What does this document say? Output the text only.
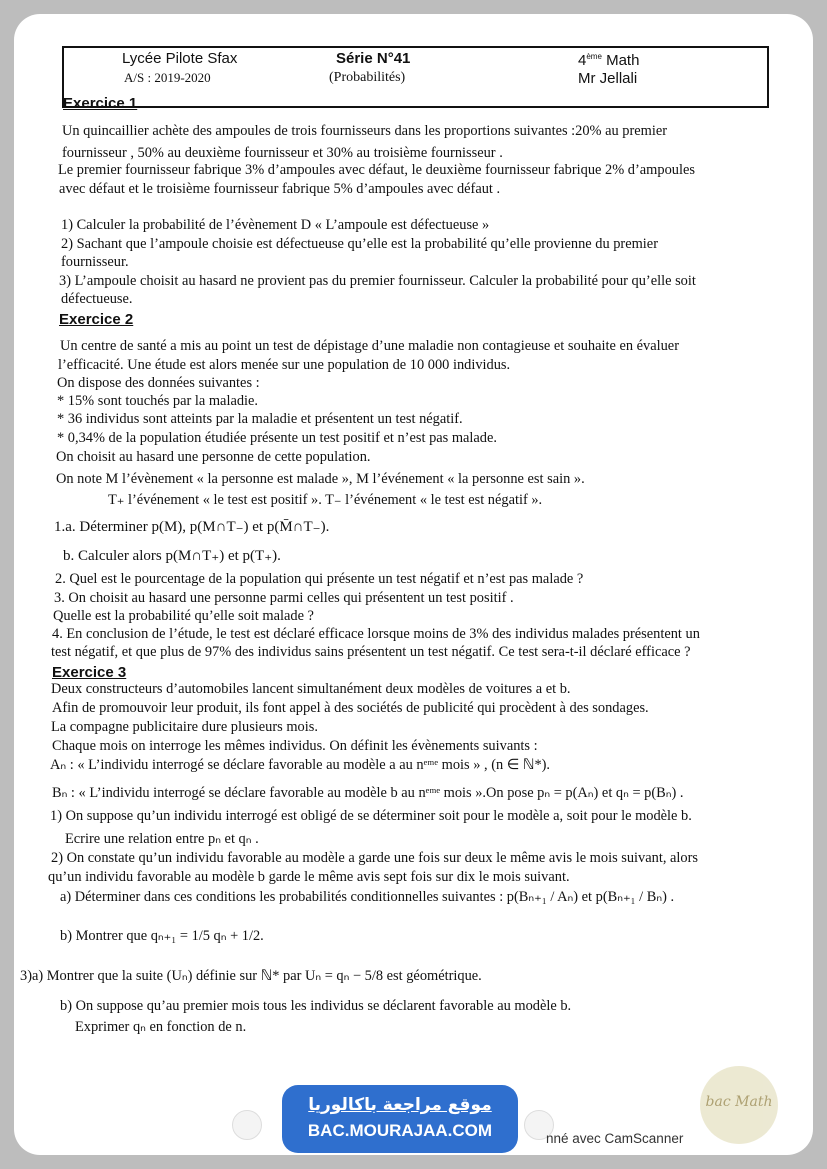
Lycée Pilote Sfax
A/S : 2019-2020
Série N°41
(Probabilités)
4ème Math
Mr Jellali
Exercice 1
Un quincaillier achète des ampoules de trois fournisseurs dans les proportions suivantes :20% au premier
fournisseur , 50% au deuxième fournisseur et 30% au troisième fournisseur .
Le premier fournisseur fabrique 3% d’ampoules avec défaut, le deuxième fournisseur fabrique 2% d’ampoules
avec défaut et le troisième fournisseur fabrique 5% d’ampoules avec défaut .
1) Calculer la probabilité de l’évènement D « L’ampoule est défectueuse »
2) Sachant que l’ampoule choisie est défectueuse qu’elle est la probabilité qu’elle provienne du premier
fournisseur.
3) L’ampoule choisit au hasard ne provient pas du premier fournisseur. Calculer la probabilité pour qu’elle soit
défectueuse.
Exercice 2
Un centre de santé a mis au point un test de dépistage d’une maladie non contagieuse et souhaite en évaluer
l’efficacité. Une étude est alors menée sur une population de 10 000 individus.
On dispose des données suivantes :
* 15% sont touchés par la maladie.
* 36 individus sont atteints par la maladie et présentent un test négatif.
* 0,34% de la population étudiée présente un test positif et n’est pas malade.
On choisit au hasard une personne de cette population.
On note M l’évènement « la personne est malade », M l’événement « la personne est sain ».
T₊ l’événement « le test est positif ». T₋ l’événement « le test est négatif ».
1.a. Déterminer p(M), p(M∩T₋) et p(M̄∩T₋).
b. Calculer alors p(M∩T₊) et p(T₊).
2. Quel est le pourcentage de la population qui présente un test négatif et n’est pas malade ?
3. On choisit au hasard une personne parmi celles qui présentent un test positif .
Quelle est la probabilité qu’elle soit malade ?
4. En conclusion de l’étude, le test est déclaré efficace lorsque moins de 3% des individus malades présentent un
test négatif, et que plus de 97% des individus sains présentent un test négatif. Ce test sera-t-il déclaré efficace ?
Exercice 3
Deux constructeurs d’automobiles lancent simultanément deux modèles de voitures a et b.
Afin de promouvoir leur produit, ils font appel à des sociétés de publicité qui procèdent à des sondages.
La compagne publicitaire dure plusieurs mois.
Chaque mois on interroge les mêmes individus. On définit les évènements suivants :
Aₙ : « L’individu interrogé se déclare favorable au modèle a au nᵉᵐᵉ mois » , (n ∈ ℕ*).
Bₙ : « L’individu interrogé se déclare favorable au modèle b au nᵉᵐᵉ mois ».On pose pₙ = p(Aₙ) et qₙ = p(Bₙ) .
1) On suppose qu’un individu interrogé est obligé de se déterminer soit pour le modèle a, soit pour le modèle b.
Ecrire une relation entre pₙ et qₙ .
2) On constate qu’un individu favorable au modèle a garde une fois sur deux le même avis le mois suivant, alors
qu’un individu favorable au modèle b garde le même avis sept fois sur dix le mois suivant.
a) Déterminer dans ces conditions les probabilités conditionnelles suivantes : p(Bₙ₊₁ / Aₙ) et p(Bₙ₊₁ / Bₙ) .
b) Montrer que qₙ₊₁ = 1/5 qₙ + 1/2.
3)a) Montrer que la suite (Uₙ) définie sur ℕ* par Uₙ = qₙ − 5/8 est géométrique.
b) On suppose qu’au premier mois tous les individus se déclarent favorable au modèle b.
Exprimer qₙ en fonction de n.
bac Math
موقع مراجعة باكالوريا
BAC.MOURAJAA.COM	nné avec CamScanner
